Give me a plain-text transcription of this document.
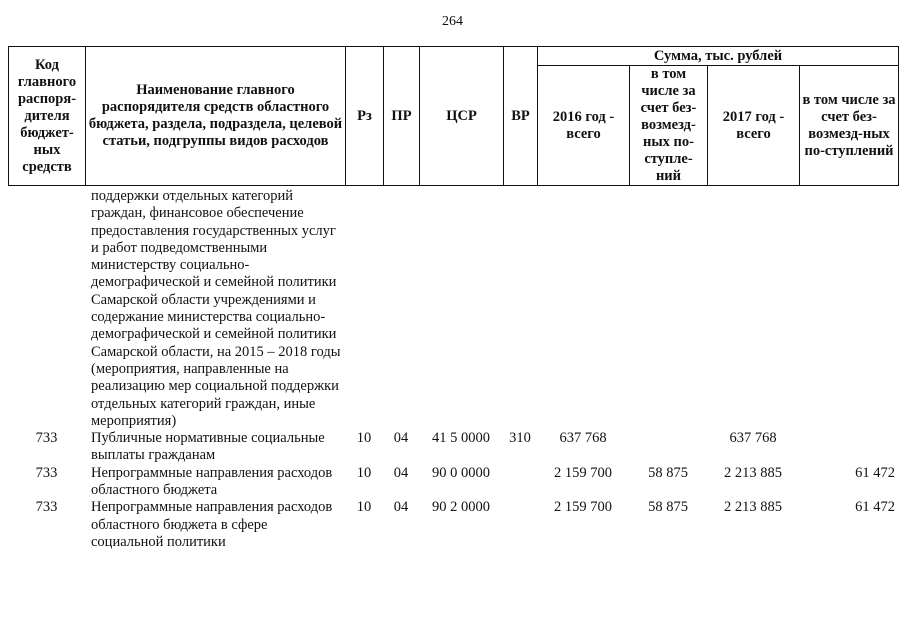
264
Код главного распоря-дителя бюджет-ных средств	Наименование главного распорядителя средств областного бюджета, раздела, подраздела, целевой статьи, подгруппы видов расходов	Рз	ПР	ЦСР	ВР	Сумма, тыс. рублей			
						2016 год - всего	в том числе за счет без-возмезд-ных по-ступле-ний	2017 год - всего	в том числе за счет без-возмезд-ных по-ступлений
	поддержки отдельных категорий граждан, финансовое обеспечение предоставления государственных услуг и работ подведомственными министерству социально-демографической и семейной политики Самарской области учреждениями и содержание министерства социально-демографической и семейной политики Самарской области, на 2015 – 2018 годы (мероприятия, направленные на реализацию мер социальной поддержки отдельных категорий граждан, иные мероприятия)								
733	Публичные нормативные социальные выплаты гражданам	10	04	41 5 0000	310	637 768		637 768	
733	Непрограммные направления расходов областного бюджета	10	04	90 0 0000		2 159 700	58 875	2 213 885	61 472
733	Непрограммные направления расходов областного бюджета в сфере социальной политики	10	04	90 2 0000		2 159 700	58 875	2 213 885	61 472
